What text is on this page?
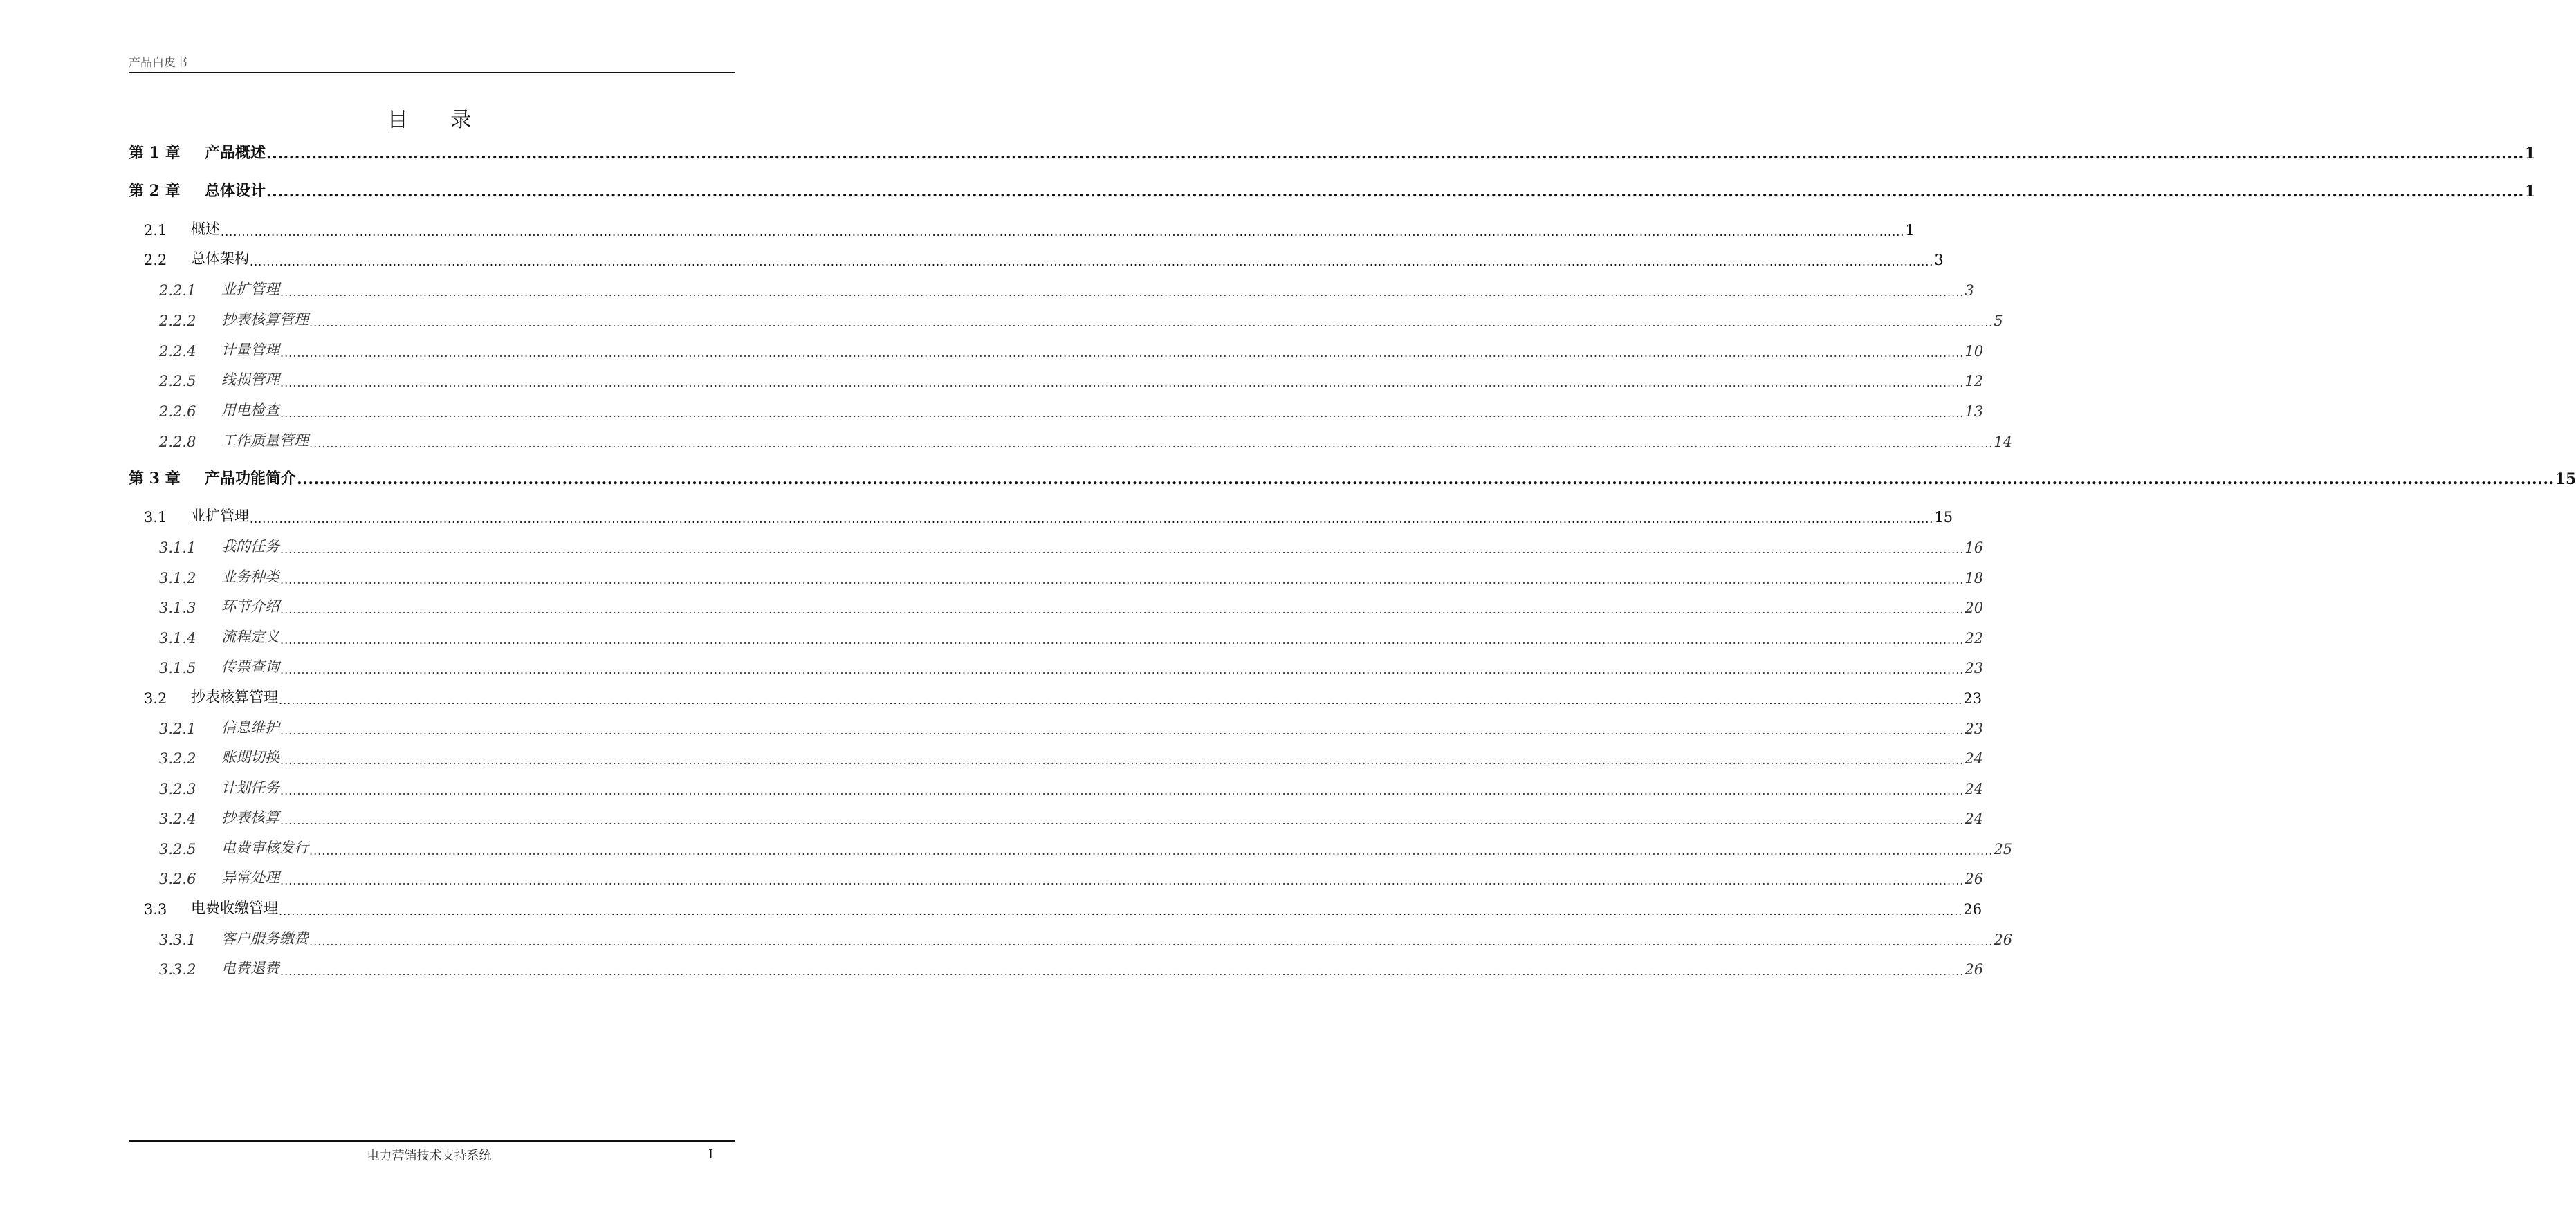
产品白皮书
目 录
第 1 章	产品概述 ................................................................................................................................................................................................................................................................................................................................................................................................................ 1
第 2 章	总体设计 ................................................................................................................................................................................................................................................................................................................................................................................................................ 1
2.1	概述 ................................................................................................................................................................................................................................................................................................................................................................................................................ 1
2.2	总体架构 ................................................................................................................................................................................................................................................................................................................................................................................................................ 3
2.2.1	业扩管理 ................................................................................................................................................................................................................................................................................................................................................................................................................ 3
2.2.2	抄表核算管理 ................................................................................................................................................................................................................................................................................................................................................................................................................ 5
2.2.4	计量管理 ................................................................................................................................................................................................................................................................................................................................................................................................................ 10
2.2.5	线损管理 ................................................................................................................................................................................................................................................................................................................................................................................................................ 12
2.2.6	用电检查 ................................................................................................................................................................................................................................................................................................................................................................................................................ 13
2.2.8	工作质量管理 ................................................................................................................................................................................................................................................................................................................................................................................................................ 14
第 3 章	产品功能简介 ................................................................................................................................................................................................................................................................................................................................................................................................................ 15
3.1	业扩管理 ................................................................................................................................................................................................................................................................................................................................................................................................................ 15
3.1.1	我的任务 ................................................................................................................................................................................................................................................................................................................................................................................................................ 16
3.1.2	业务种类 ................................................................................................................................................................................................................................................................................................................................................................................................................ 18
3.1.3	环节介绍 ................................................................................................................................................................................................................................................................................................................................................................................................................ 20
3.1.4	流程定义 ................................................................................................................................................................................................................................................................................................................................................................................................................ 22
3.1.5	传票查询 ................................................................................................................................................................................................................................................................................................................................................................................................................ 23
3.2	抄表核算管理 ................................................................................................................................................................................................................................................................................................................................................................................................................ 23
3.2.1	信息维护 ................................................................................................................................................................................................................................................................................................................................................................................................................ 23
3.2.2	账期切换 ................................................................................................................................................................................................................................................................................................................................................................................................................ 24
3.2.3	计划任务 ................................................................................................................................................................................................................................................................................................................................................................................................................ 24
3.2.4	抄表核算 ................................................................................................................................................................................................................................................................................................................................................................................................................ 24
3.2.5	电费审核发行 ................................................................................................................................................................................................................................................................................................................................................................................................................ 25
3.2.6	异常处理 ................................................................................................................................................................................................................................................................................................................................................................................................................ 26
3.3	电费收缴管理 ................................................................................................................................................................................................................................................................................................................................................................................................................ 26
3.3.1	客户服务缴费 ................................................................................................................................................................................................................................................................................................................................................................................................................ 26
3.3.2	电费退费 ................................................................................................................................................................................................................................................................................................................................................................................................................ 26
电力营销技术支持系统	I
